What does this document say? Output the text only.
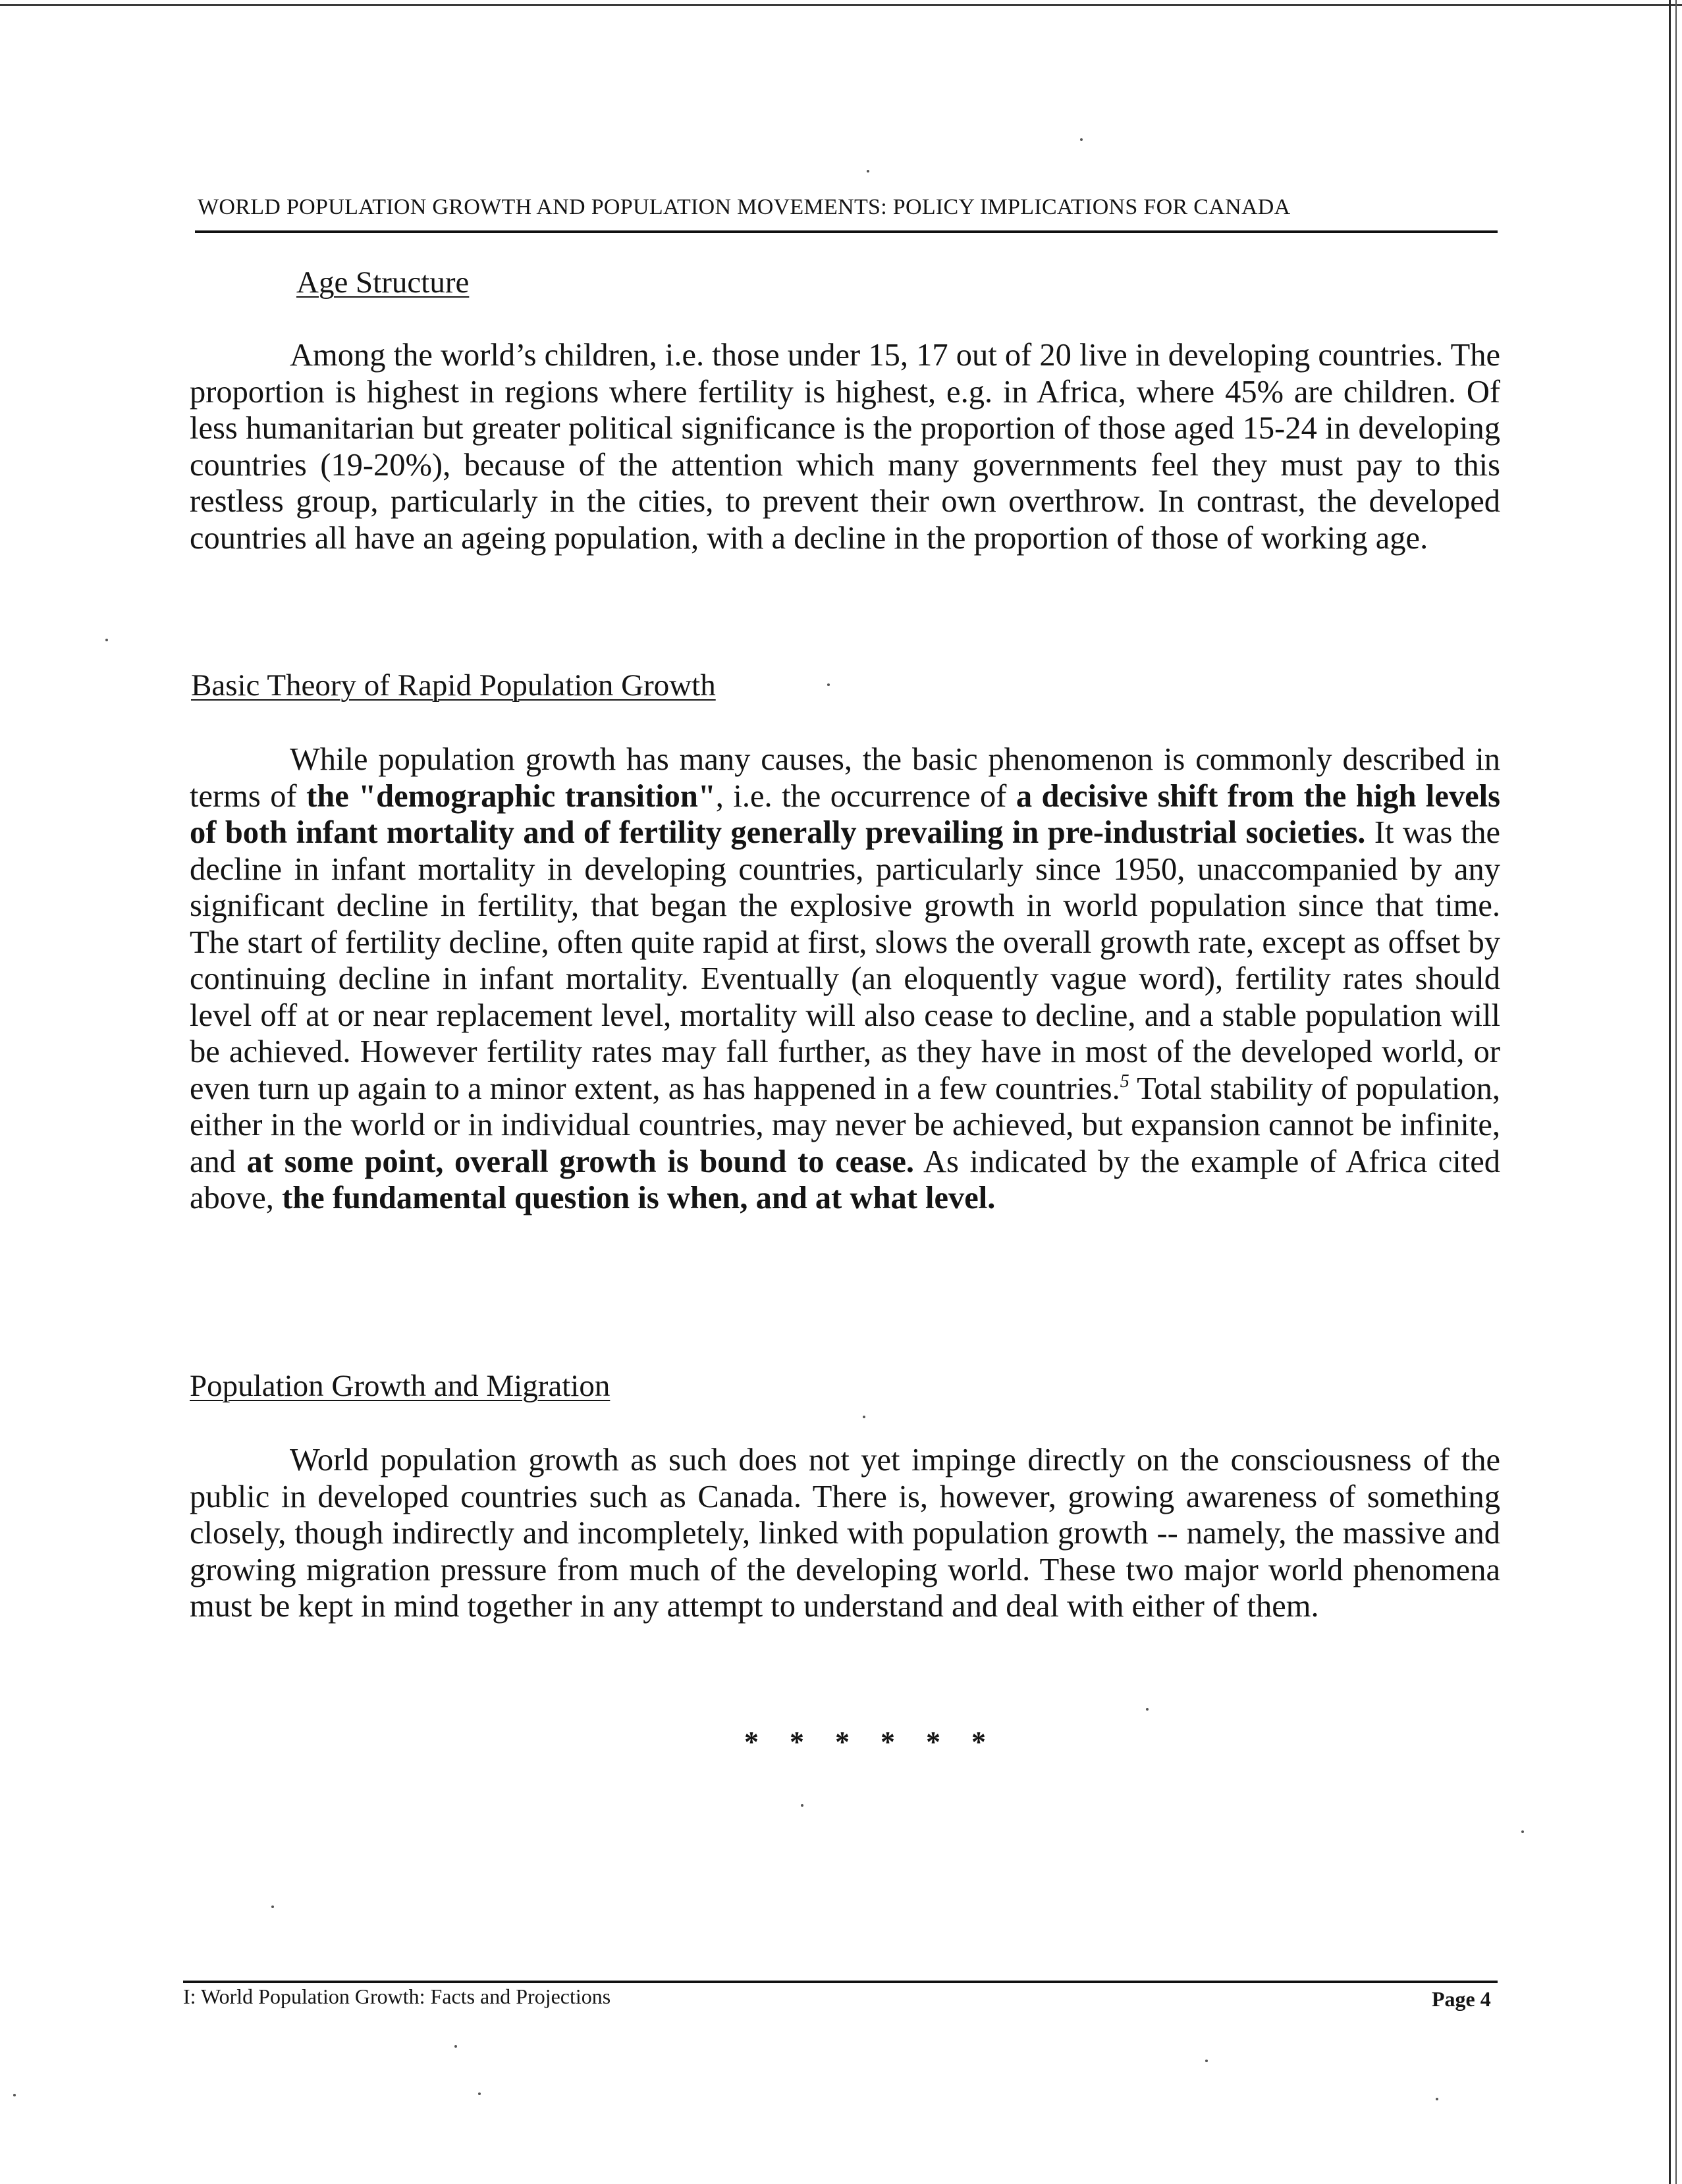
WORLD POPULATION GROWTH AND POPULATION MOVEMENTS: POLICY IMPLICATIONS FOR CANADA
Age Structure

Among the world’s children, i.e. those under 15, 17 out of 20 live in developing countries. The proportion is highest in regions where fertility is highest, e.g. in Africa, where 45% are children. Of less humanitarian but greater political significance is the proportion of those aged 15-24 in developing countries (19-20%), because of the attention which many governments feel they must pay to this restless group, particularly in the cities, to prevent their own overthrow. In contrast, the developed countries all have an ageing population, with a decline in the proportion of those of working age.

Basic Theory of Rapid Population Growth

While population growth has many causes, the basic phenomenon is commonly described in terms of the "demographic transition", i.e. the occurrence of a decisive shift from the high levels of both infant mortality and of fertility generally prevailing in pre-industrial societies. It was the decline in infant mortality in developing countries, particularly since 1950, unaccompanied by any significant decline in fertility, that began the explosive growth in world population since that time. The start of fertility decline, often quite rapid at first, slows the overall growth rate, except as offset by continuing decline in infant mortality. Eventually (an eloquently vague word), fertility rates should level off at or near replacement level, mortality will also cease to decline, and a stable population will be achieved. However fertility rates may fall further, as they have in most of the developed world, or even turn up again to a minor extent, as has happened in a few countries.$^5$ Total stability of population, either in the world or in individual countries, may never be achieved, but expansion cannot be infinite, and at some point, overall growth is bound to cease. As indicated by the example of Africa cited above, the fundamental question is when, and at what level.

Population Growth and Migration

World population growth as such does not yet impinge directly on the consciousness of the public in developed countries such as Canada. There is, however, growing awareness of something closely, though indirectly and incompletely, linked with population growth -- namely, the massive and growing migration pressure from much of the developing world. These two major world phenomena must be kept in mind together in any attempt to understand and deal with either of them.

* * * * * *
I: World Population Growth: Facts and Projections	Page 4
